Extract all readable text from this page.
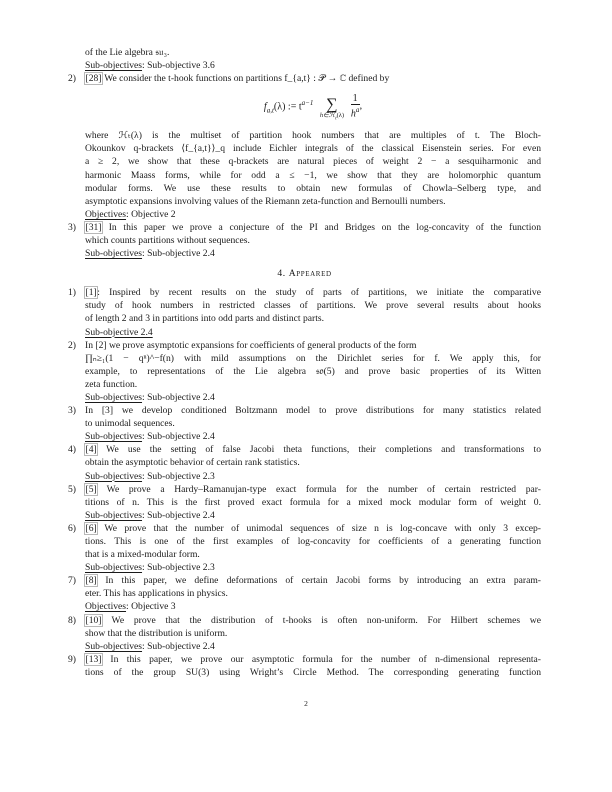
of the Lie algebra 𝔰𝔲₃.
Sub-objectives: Sub-objective 3.6
2) [28] We consider the t-hook functions on partitions f_{a,t} : 𝒫 → ℂ defined by
$f_{a,t}(\lambda)$ := $t^{a-1}$ ∑
h∈ℋ$_t$(λ)
$\frac{1}{h^a}$ ,
where ℋₜ(λ) is the multiset of partition hook numbers that are multiples of t. The Bloch-
Okounkov q-brackets ⟨f_{a,t}⟩_q include Eichler integrals of the classical Eisenstein series. For even
a ≥ 2, we show that these q-brackets are natural pieces of weight 2 − a sesquiharmonic and
harmonic Maass forms, while for odd a ≤ −1, we show that they are holomorphic quantum
modular forms. We use these results to obtain new formulas of Chowla–Selberg type, and
asymptotic expansions involving values of the Riemann zeta-function and Bernoulli numbers.
Objectives: Objective 2
3) [31] In this paper we prove a conjecture of the PI and Bridges on the log-concavity of the function
which counts partitions without sequences.
Sub-objectives: Sub-objective 2.4
4. Appeared
1) [1]: Inspired by recent results on the study of parts of partitions, we initiate the comparative
study of hook numbers in restricted classes of partitions. We prove several results about hooks
of length 2 and 3 in partitions into odd parts and distinct parts.
Sub-objective 2.4
2) In [2] we prove asymptotic expansions for coefficients of general products of the form
∏ₙ≥₁(1 − qⁿ)^−f(n) with mild assumptions on the Dirichlet series for f. We apply this, for
example, to representations of the Lie algebra 𝔰𝔬(5) and prove basic properties of its Witten
zeta function.
Sub-objectives: Sub-objective 2.4
3) In [3] we develop conditioned Boltzmann model to prove distributions for many statistics related
to unimodal sequences.
Sub-objectives: Sub-objective 2.4
4) [4] We use the setting of false Jacobi theta functions, their completions and transformations to
obtain the asymptotic behavior of certain rank statistics.
Sub-objectives: Sub-objective 2.3
5) [5] We prove a Hardy–Ramanujan-type exact formula for the number of certain restricted par-
titions of n. This is the first proved exact formula for a mixed mock modular form of weight 0.
Sub-objectives: Sub-objective 2.4
6) [6] We prove that the number of unimodal sequences of size n is log-concave with only 3 excep-
tions. This is one of the first examples of log-concavity for coefficients of a generating function
that is a mixed-modular form.
Sub-objectives: Sub-objective 2.3
7) [8] In this paper, we define deformations of certain Jacobi forms by introducing an extra param-
eter. This has applications in physics.
Objectives: Objective 3
8) [10] We prove that the distribution of t-hooks is often non-uniform. For Hilbert schemes we
show that the distribution is uniform.
Sub-objectives: Sub-objective 2.4
9) [13] In this paper, we prove our asymptotic formula for the number of n-dimensional representa-
tions of the group SU(3) using Wright’s Circle Method. The corresponding generating function
2
